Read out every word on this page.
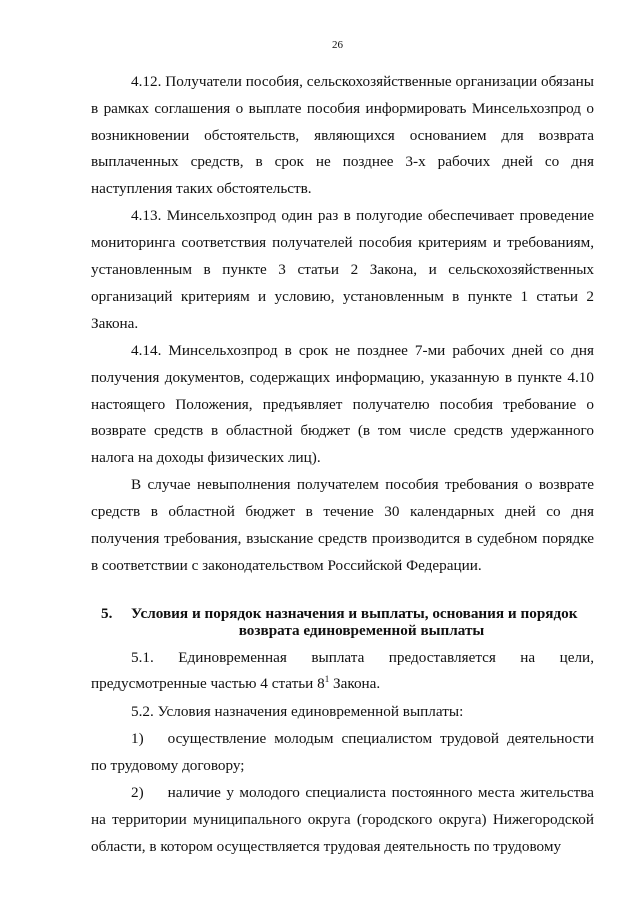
26

4.12. Получатели пособия, сельскохозяйственные организации обязаны в рамках соглашения о выплате пособия информировать Минсельхозпрод о возникновении обстоятельств, являющихся основанием для возврата выплаченных средств, в срок не позднее 3-х рабочих дней со дня наступления таких обстоятельств.

4.13. Минсельхозпрод один раз в полугодие обеспечивает проведение мониторинга соответствия получателей пособия критериям и требованиям, установленным в пункте 3 статьи 2 Закона, и сельскохозяйственных организаций критериям и условию, установленным в пункте 1 статьи 2 Закона.

4.14. Минсельхозпрод в срок не позднее 7-ми рабочих дней со дня получения документов, содержащих информацию, указанную в пункте 4.10 настоящего Положения, предъявляет получателю пособия требование о возврате средств в областной бюджет (в том числе средств удержанного налога на доходы физических лиц).

В случае невыполнения получателем пособия требования о возврате средств в областной бюджет в течение 30 календарных дней со дня получения требования, взыскание средств производится в судебном порядке в соответствии с законодательством Российской Федерации.

5. Условия и порядок назначения и выплаты, основания и порядок
возврата единовременной выплаты

5.1. Единовременная выплата предоставляется на цели, предусмотренные частью 4 статьи $8^1$ Закона.

5.2. Условия назначения единовременной выплаты:

1) осуществление молодым специалистом трудовой деятельности по трудовому договору;

2) наличие у молодого специалиста постоянного места жительства на территории муниципального округа (городского округа) Нижегородской области, в котором осуществляется трудовая деятельность по трудовому
